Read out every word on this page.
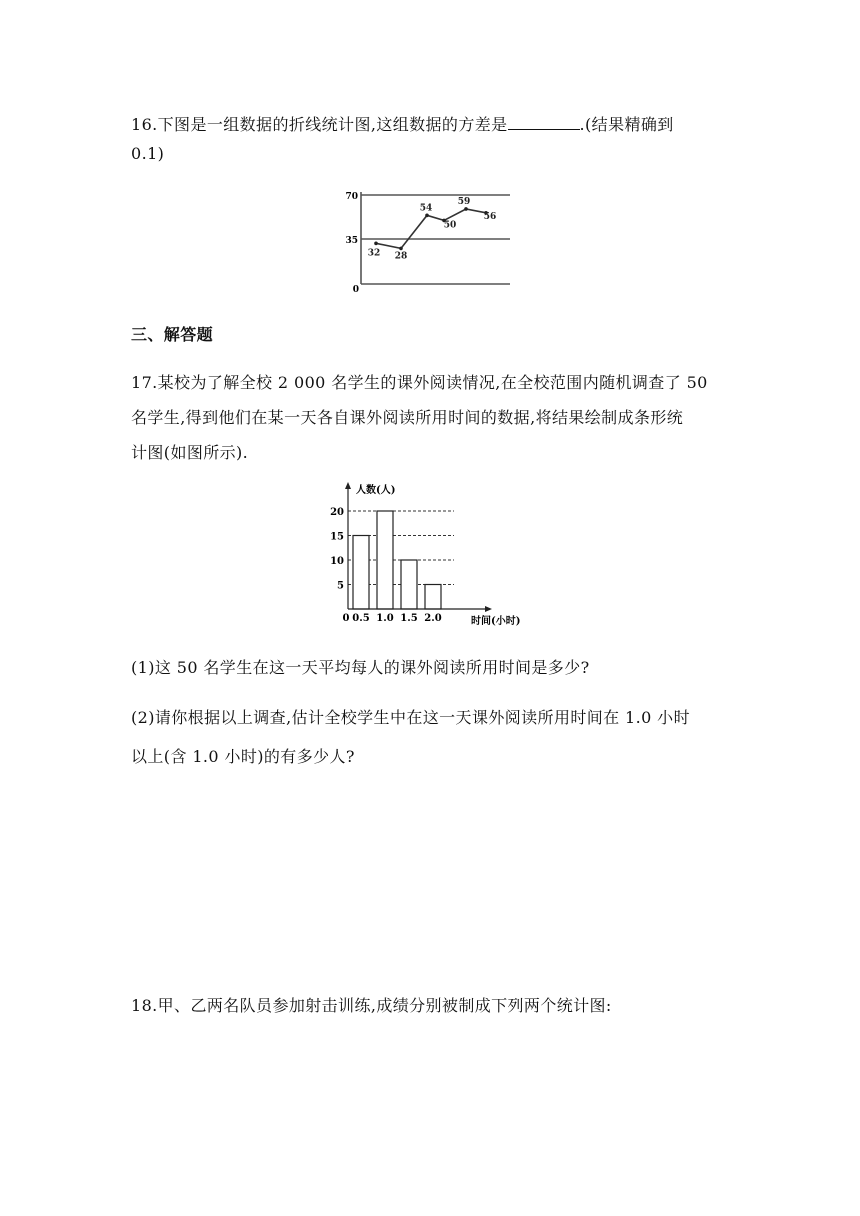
16.下图是一组数据的折线统计图,这组数据的方差是	.(结果精确到
0.1)
70
35
0
32 28
54
50
59
56
三、解答题
17.某校为了解全校 2 000 名学生的课外阅读情况,在全校范围内随机调查了 50
名学生,得到他们在某一天各自课外阅读所用时间的数据,将结果绘制成条形统
计图(如图所示).
20
15
10
5
0.5 1.0 1.5 2.0
人数(人)
时间(小时)
0
(1)这 50 名学生在这一天平均每人的课外阅读所用时间是多少?
(2)请你根据以上调查,估计全校学生中在这一天课外阅读所用时间在 1.0 小时
以上(含 1.0 小时)的有多少人?
18.甲、乙两名队员参加射击训练,成绩分别被制成下列两个统计图:
